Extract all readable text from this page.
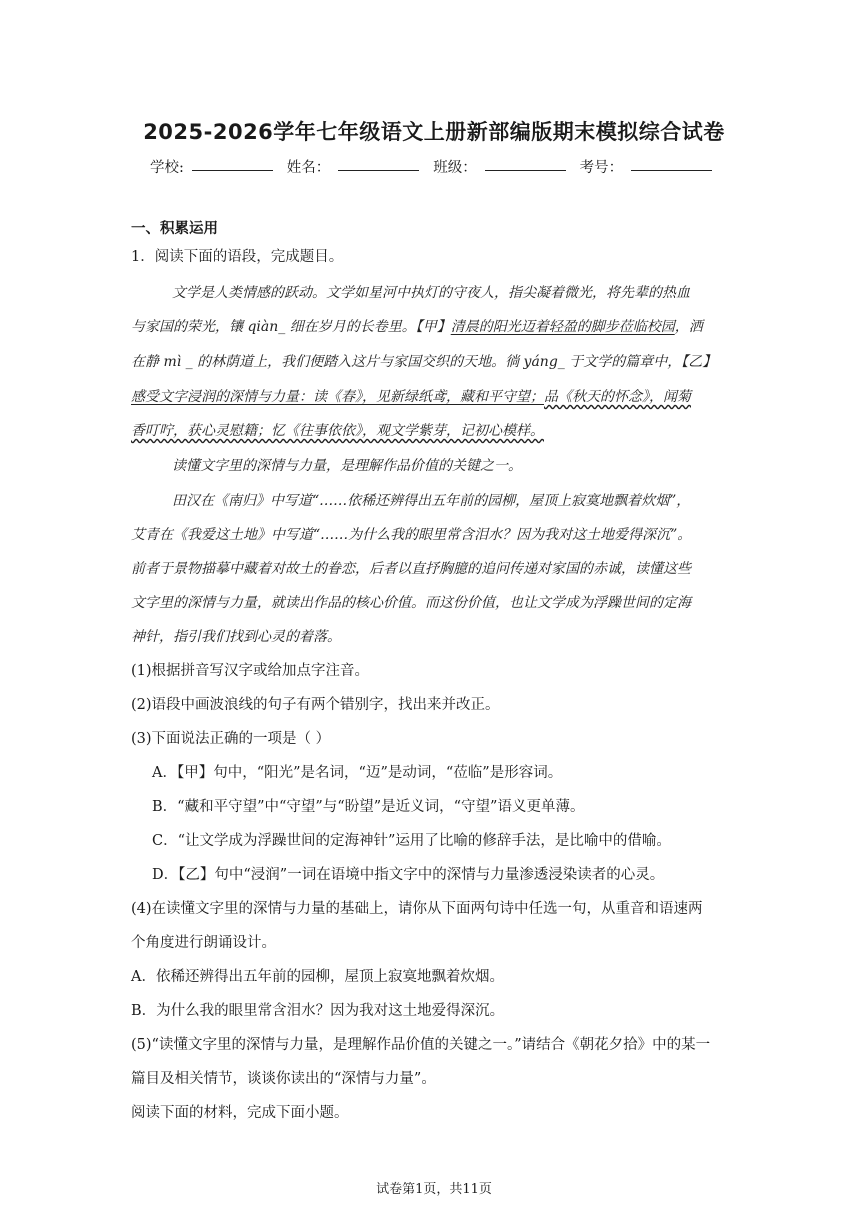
2025-2026学年七年级语文上册新部编版期末模拟综合试卷
学校:	姓名：	班级：	考号：
一、积累运用
1．阅读下面的语段，完成题目。
文学是人类情感的跃动。文学如星河中执灯的守夜人，指尖凝着微光，将先辈的热血
与家国的荣光，镶 qiàn_ 细在岁月的长卷里。【甲】清晨的阳光迈着轻盈的脚步莅临校园，洒
在静 mì _ 的林荫道上，我们便踏入这片与家国交织的天地。徜 yáng_ 于文学的篇章中，【乙】
感受文字浸润的深情与力量：读《春》，见新绿纸鸢，藏和平守望；品《秋天的怀念》，闻菊
香叮咛，获心灵慰籍；忆《往事依依》，观文学紫芽，记初心模样。
读懂文字里的深情与力量，是理解作品价值的关键之一。
田汉在《南归》中写道“……依稀还辨得出五年前的园柳，屋顶上寂寞地飘着炊烟”，
艾青在《我爱这土地》中写道“……为什么我的眼里常含泪水？因为我对这土地爱得深沉”。
前者于景物描摹中藏着对故土的眷恋，后者以直抒胸臆的追问传递对家国的赤诚，读懂这些
文字里的深情与力量，就读出作品的核心价值。而这份价值，也让文学成为浮躁世间的定海
神针，指引我们找到心灵的着落。
(1)根据拼音写汉字或给加点字注音。
(2)语段中画波浪线的句子有两个错别字，找出来并改正。
(3)下面说法正确的一项是（ ）
A．【甲】句中，“阳光”是名词，“迈”是动词，“莅临”是形容词。
B．“藏和平守望”中“守望”与“盼望”是近义词，“守望”语义更单薄。
C．“让文学成为浮躁世间的定海神针”运用了比喻的修辞手法，是比喻中的借喻。
D．【乙】句中“浸润”一词在语境中指文字中的深情与力量渗透浸染读者的心灵。
(4)在读懂文字里的深情与力量的基础上，请你从下面两句诗中任选一句，从重音和语速两
个角度进行朗诵设计。
A．依稀还辨得出五年前的园柳，屋顶上寂寞地飘着炊烟。
B．为什么我的眼里常含泪水？因为我对这土地爱得深沉。
(5)“读懂文字里的深情与力量，是理解作品价值的关键之一。”请结合《朝花夕拾》中的某一
篇目及相关情节，谈谈你读出的“深情与力量”。
阅读下面的材料，完成下面小题。
试卷第1页，共11页
